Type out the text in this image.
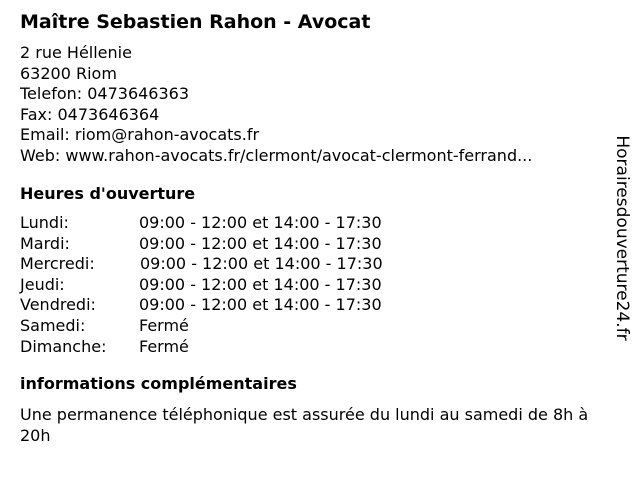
Maître Sebastien Rahon - Avocat
2 rue Héllenie
63200 Riom
Telefon: 0473646363
Fax: 0473646364
Email: riom@rahon-avocats.fr
Web: www.rahon-avocats.fr/clermont/avocat-clermont-ferrand...
Heures d'ouverture
Lundi:	09:00 - 12:00 et 14:00 - 17:30
Mardi:	09:00 - 12:00 et 14:00 - 17:30
Mercredi:	09:00 - 12:00 et 14:00 - 17:30
Jeudi:	09:00 - 12:00 et 14:00 - 17:30
Vendredi:	09:00 - 12:00 et 14:00 - 17:30
Samedi:	Fermé
Dimanche: Fermé
informations complémentaires
Une permanence téléphonique est assurée du lundi au samedi de 8h à 20h
Horairesdouverture24.fr
